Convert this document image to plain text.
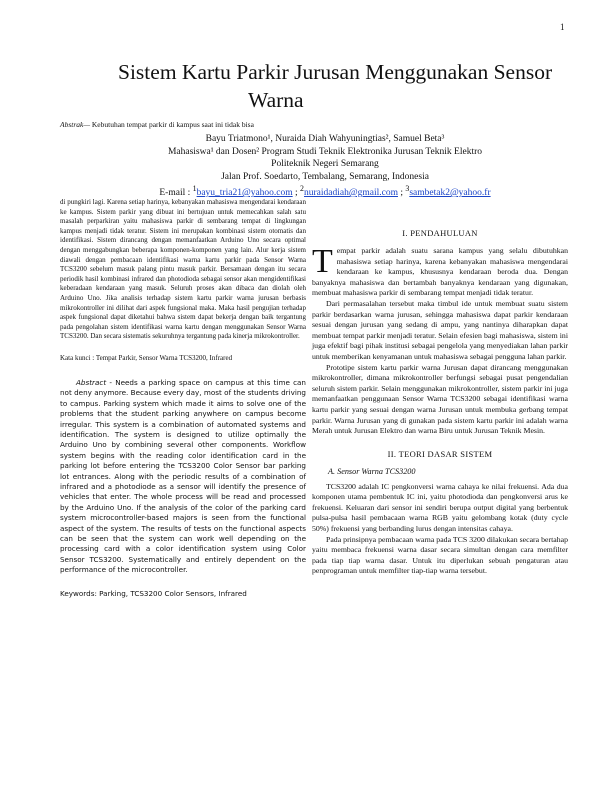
1
Sistem Kartu Parkir Jurusan Menggunakan Sensor
Warna
Abstrak— Kebutuhan tempat parkir di kampus saat ini tidak bisa
Bayu Triatmono¹, Nuraida Diah Wahyuningtias², Samuel Beta³
Mahasiswa¹ dan Dosen² Program Studi Teknik Elektronika Jurusan Teknik Elektro
Politeknik Negeri Semarang
Jalan Prof. Soedarto, Tembalang, Semarang, Indonesia
E-mail : $^1$bayu_tria21@yahoo.com ; $^2$nuraidadiah@gmail.com ; $^3$sambetak2@yahoo.fr

di pungkiri lagi. Karena setiap harinya, kebanyakan mahasiswa mengendarai kendaraan ke kampus. Sistem parkir yang dibuat ini bertujuan untuk memecahkan salah satu masalah perparkiran yaitu mahasiswa parkir di sembarang tempat di lingkungan kampus menjadi tidak teratur. Sistem ini merupakan kombinasi sistem otomatis dan identifikasi. Sistem dirancang dengan memanfaatkan Arduino Uno secara optimal dengan menggabungkan beberapa komponen-komponen yang lain. Alur kerja sistem diawali dengan pembacaan identifikasi warna kartu parkir pada Sensor Warna TCS3200 sebelum masuk palang pintu masuk parkir. Bersamaan dengan itu secara periodik hasil kombinasi infrared dan photodioda sebagai sensor akan mengidentifikasi keberadaan kendaraan yang masuk. Seluruh proses akan dibaca dan diolah oleh Arduino Uno. Jika analisis terhadap sistem kartu parkir warna jurusan berbasis mikrokontroller ini dilihat dari aspek fungsional maka. Maka hasil pengujian terhadap aspek fungsional dapat diketahui bahwa sistem dapat bekerja dengan baik tergantung pada pengolahan sistem identifikasi warna kartu dengan menggunakan Sensor Warna TCS3200. Dan secara sistematis sekuruhnya tergantung pada kinerja mikrokontroller.

Kata kunci : Tempat Parkir, Sensor Warna TCS3200, Infrared

Abstract - Needs a parking space on campus at this time can not deny anymore. Because every day, most of the students driving to campus. Parking system which made it aims to solve one of the problems that the student parking anywhere on campus become irregular. This system is a combination of automated systems and identification. The system is designed to utilize optimally the Arduino Uno by combining several other components. Workflow system begins with the reading color identification card in the parking lot before entering the TCS3200 Color Sensor bar parking lot entrances. Along with the periodic results of a combination of infrared and a photodiode as a sensor will identify the presence of vehicles that enter. The whole process will be read and processed by the Arduino Uno. If the analysis of the color of the parking card system microcontroller-based majors is seen from the functional aspect of the system. The results of tests on the functional aspects can be seen that the system can work well depending on the processing card with a color identification system using Color Sensor TCS3200. Systematically and entirely dependent on the performance of the microcontroller.

Keywords: Parking, TCS3200 Color Sensors, Infrared
I. PENDAHULUAN

Tempat parkir adalah suatu sarana kampus yang selalu dibutuhkan mahasiswa setiap harinya, karena kebanyakan mahasiswa mengendarai kendaraan ke kampus, khususnya kendaraan beroda dua. Dengan banyaknya mahasiswa dan bertambah banyaknya kendaraan yang digunakan, membuat mahasiswa parkir di sembarang tempat menjadi tidak teratur.

Dari permasalahan tersebut maka timbul ide untuk membuat suatu sistem parkir berdasarkan warna jurusan, sehingga mahasiswa dapat parkir kendaraan sesuai dengan jurusan yang sedang di ampu, yang nantinya diharapkan dapat membuat tempat parkir menjadi teratur. Selain efesien bagi mahasiswa, sistem ini juga efektif bagi pihak institusi sebagai pengelola yang menyediakan lahan parkir untuk memberikan kenyamanan untuk mahasiswa sebagai pengguna lahan parkir.

Prototipe sistem kartu parkir warna Jurusan dapat dirancang menggunakan mikrokontroller, dimana mikrokontroller berfungsi sebagai pusat pengendalian seluruh sistem parkir. Selain menggunakan mikrokontroller, sistem parkir ini juga memanfaatkan penggunaan Sensor Warna TCS3200 sebagai identifikasi warna kartu parkir yang sesuai dengan warna Jurusan untuk membuka gerbang tempat parkir. Warna Jurusan yang di gunakan pada sistem kartu parkir ini adalah warna Merah untuk Jurusan Elektro dan warna Biru untuk Jurusan Teknik Mesin.

II. TEORI DASAR SISTEM
A. Sensor Warna TCS3200

TCS3200 adalah IC pengkonversi warna cahaya ke nilai frekuensi. Ada dua komponen utama pembentuk IC ini, yaitu photodioda dan pengkonversi arus ke frekuensi. Keluaran dari sensor ini sendiri berupa output digital yang berbentuk pulsa-pulsa hasil pembacaan warna RGB yaitu gelombang kotak (duty cycle 50%) frekuensi yang berbanding lurus dengan intensitas cahaya.

Pada prinsipnya pembacaan warna pada TCS 3200 dilakukan secara bertahap yaitu membaca frekuensi warna dasar secara simultan dengan cara memfilter pada tiap tiap warna dasar. Untuk itu diperlukan sebuah pengaturan atau penprograman untuk memfilter tiap-tiap warna tersebut.
